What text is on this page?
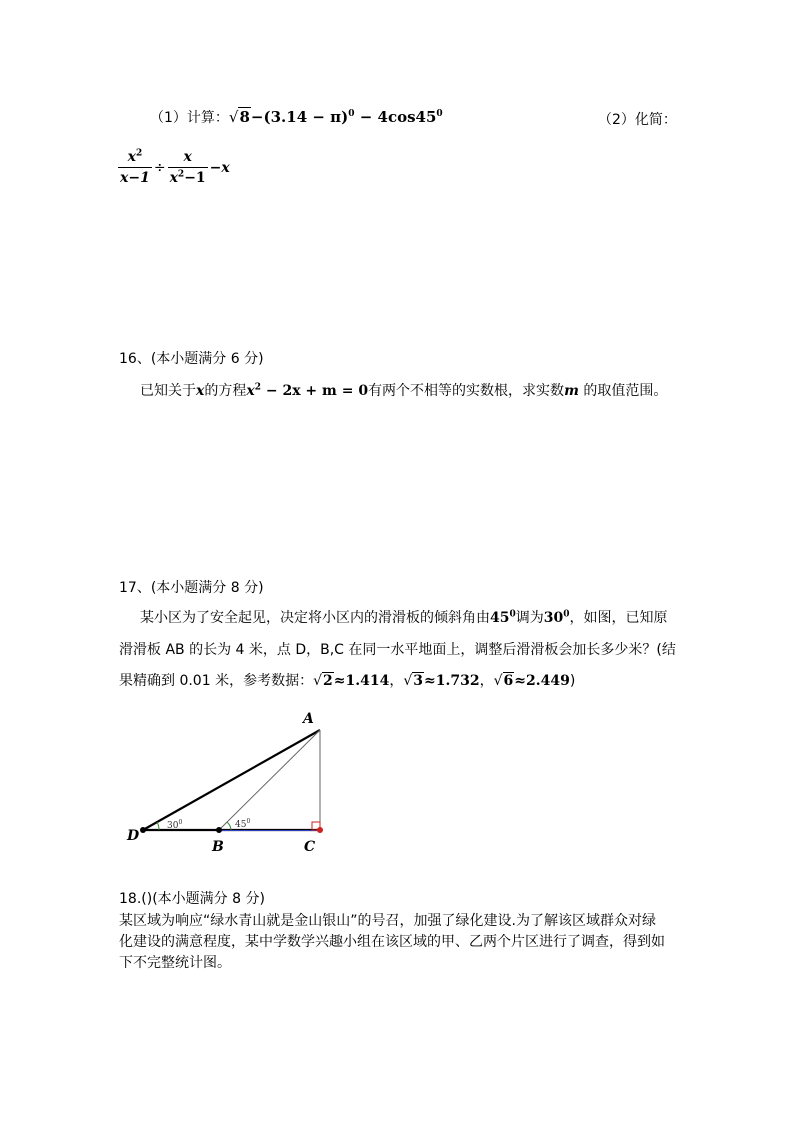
（1）计算：$√8-(3.14 - \pi)^0 - 4\cos 45^0$	（2）化简：
$\frac{x^2}{x-1} \div \frac{x}{x^2-1} -x$
16、(本小题满分 6 分)
已知关于x的方程$x^2 - 2x + m = 0$有两个不相等的实数根，求实数m 的取值范围。
17、(本小题满分 8 分)
某小区为了安全起见，决定将小区内的滑滑板的倾斜角由$45^0$调为$30^0$，如图，已知原
滑滑板 AB 的长为 4 米，点 D，B,C 在同一水平地面上，调整后滑滑板会加长多少米？(结
果精确到 0.01 米，参考数据：√2≈1.414，√3≈1.732，√6≈2.449)
A
D
B	C
$30^0$	$45^0$
18.()(本小题满分 8 分)
某区域为响应“绿水青山就是金山银山”的号召，加强了绿化建设.为了解该区域群众对绿
化建设的满意程度，某中学数学兴趣小组在该区域的甲、乙两个片区进行了调查，得到如
下不完整统计图。
